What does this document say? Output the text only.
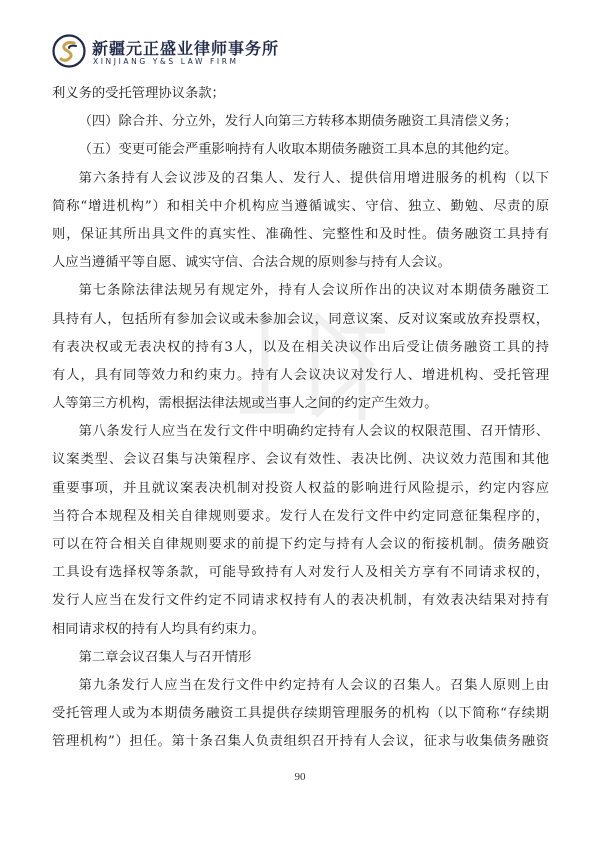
新疆元正盛业律师事务所
XINJIANG Y&S LAW FIRM
利义务的受托管理协议条款；
（四）除合并、分立外，发行人向第三方转移本期债务融资工具清偿义务；
（五）变更可能会严重影响持有人收取本期债务融资工具本息的其他约定。
第六条持有人会议涉及的召集人、发行人、提供信用增进服务的机构（以下
简称“增进机构”）和相关中介机构应当遵循诚实、守信、独立、勤勉、尽责的原
则，保证其所出具文件的真实性、准确性、完整性和及时性。债务融资工具持有
人应当遵循平等自愿、诚实守信、合法合规的原则参与持有人会议。
第七条除法律法规另有规定外，持有人会议所作出的决议对本期债务融资工
具持有人，包括所有参加会议或未参加会议，同意议案、反对议案或放弃投票权，
有表决权或无表决权的持有3人，以及在相关决议作出后受让债务融资工具的持
有人，具有同等效力和约束力。持有人会议决议对发行人、增进机构、受托管理
人等第三方机构，需根据法律法规或当事人之间的约定产生效力。
第八条发行人应当在发行文件中明确约定持有人会议的权限范围、召开情形、
议案类型、会议召集与决策程序、会议有效性、表决比例、决议效力范围和其他
重要事项，并且就议案表决机制对投资人权益的影响进行风险提示，约定内容应
当符合本规程及相关自律规则要求。发行人在发行文件中约定同意征集程序的，
可以在符合相关自律规则要求的前提下约定与持有人会议的衔接机制。债务融资
工具设有选择权等条款，可能导致持有人对发行人及相关方享有不同请求权的，
发行人应当在发行文件约定不同请求权持有人的表决机制，有效表决结果对持有
相同请求权的持有人均具有约束力。
第二章会议召集人与召开情形
第九条发行人应当在发行文件中约定持有人会议的召集人。召集人原则上由
受托管理人或为本期债务融资工具提供存续期管理服务的机构（以下简称“存续期
管理机构”）担任。第十条召集人负责组织召开持有人会议，征求与收集债务融资
90
